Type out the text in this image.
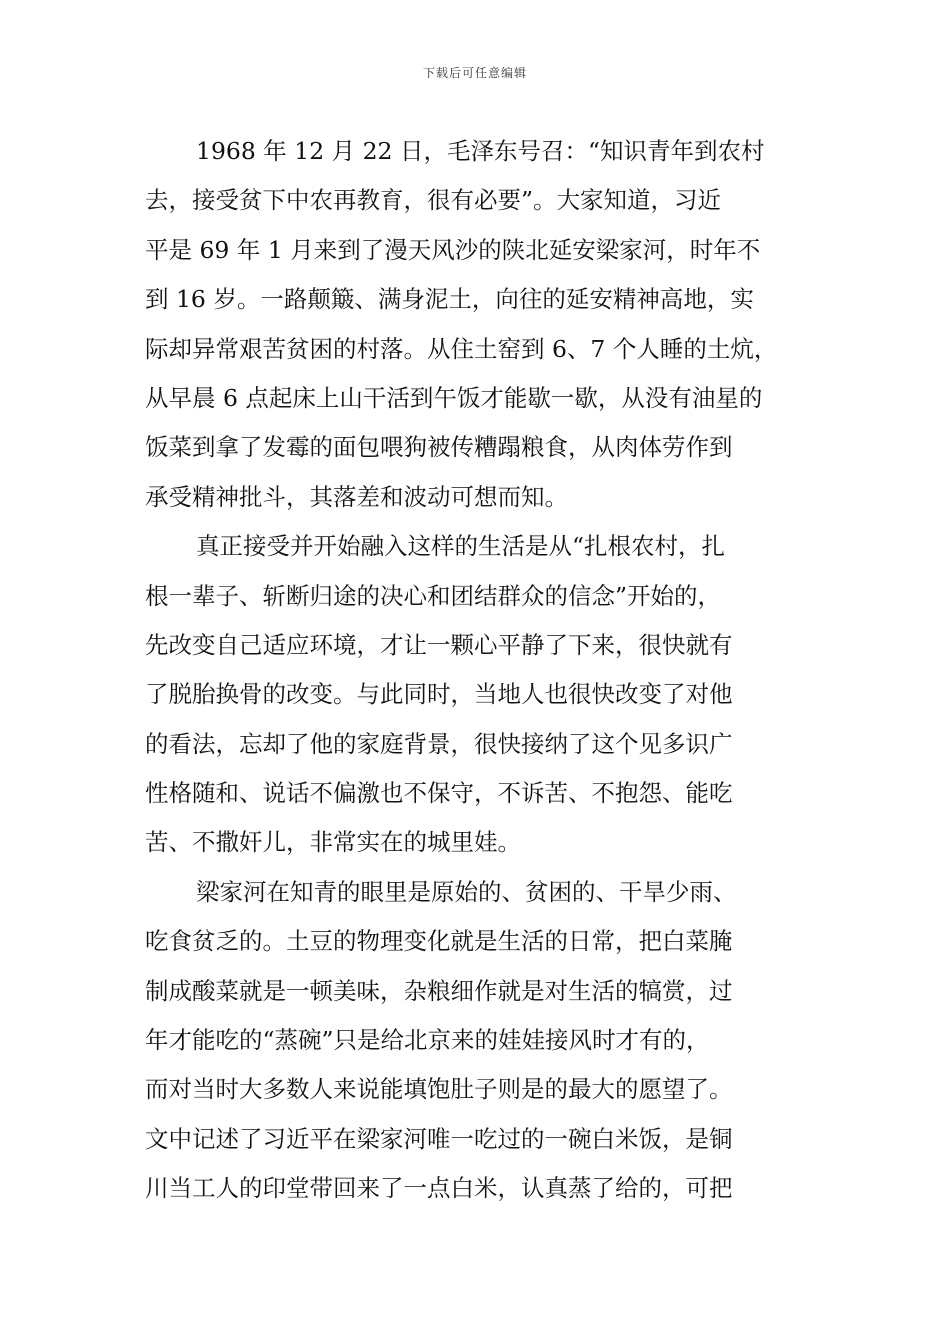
下载后可任意编辑
1968 年 12 月 22 日，毛泽东号召：“知识青年到农村
去，接受贫下中农再教育，很有必要”。大家知道，习近
平是 69 年 1 月来到了漫天风沙的陕北延安梁家河，时年不
到 16 岁。一路颠簸、满身泥土，向往的延安精神高地，实
际却异常艰苦贫困的村落。从住土窑到 6、7 个人睡的土炕，
从早晨 6 点起床上山干活到午饭才能歇一歇，从没有油星的
饭菜到拿了发霉的面包喂狗被传糟蹋粮食，从肉体劳作到
承受精神批斗，其落差和波动可想而知。
真正接受并开始融入这样的生活是从“扎根农村，扎
根一辈子、斩断归途的决心和团结群众的信念”开始的，
先改变自己适应环境，才让一颗心平静了下来，很快就有
了脱胎换骨的改变。与此同时，当地人也很快改变了对他
的看法，忘却了他的家庭背景，很快接纳了这个见多识广
性格随和、说话不偏激也不保守，不诉苦、不抱怨、能吃
苦、不撒奸儿，非常实在的城里娃。
梁家河在知青的眼里是原始的、贫困的、干旱少雨、
吃食贫乏的。土豆的物理变化就是生活的日常，把白菜腌
制成酸菜就是一顿美味，杂粮细作就是对生活的犒赏，过
年才能吃的“蒸碗”只是给北京来的娃娃接风时才有的，
而对当时大多数人来说能填饱肚子则是的最大的愿望了。
文中记述了习近平在梁家河唯一吃过的一碗白米饭，是铜
川当工人的印堂带回来了一点白米，认真蒸了给的，可把
